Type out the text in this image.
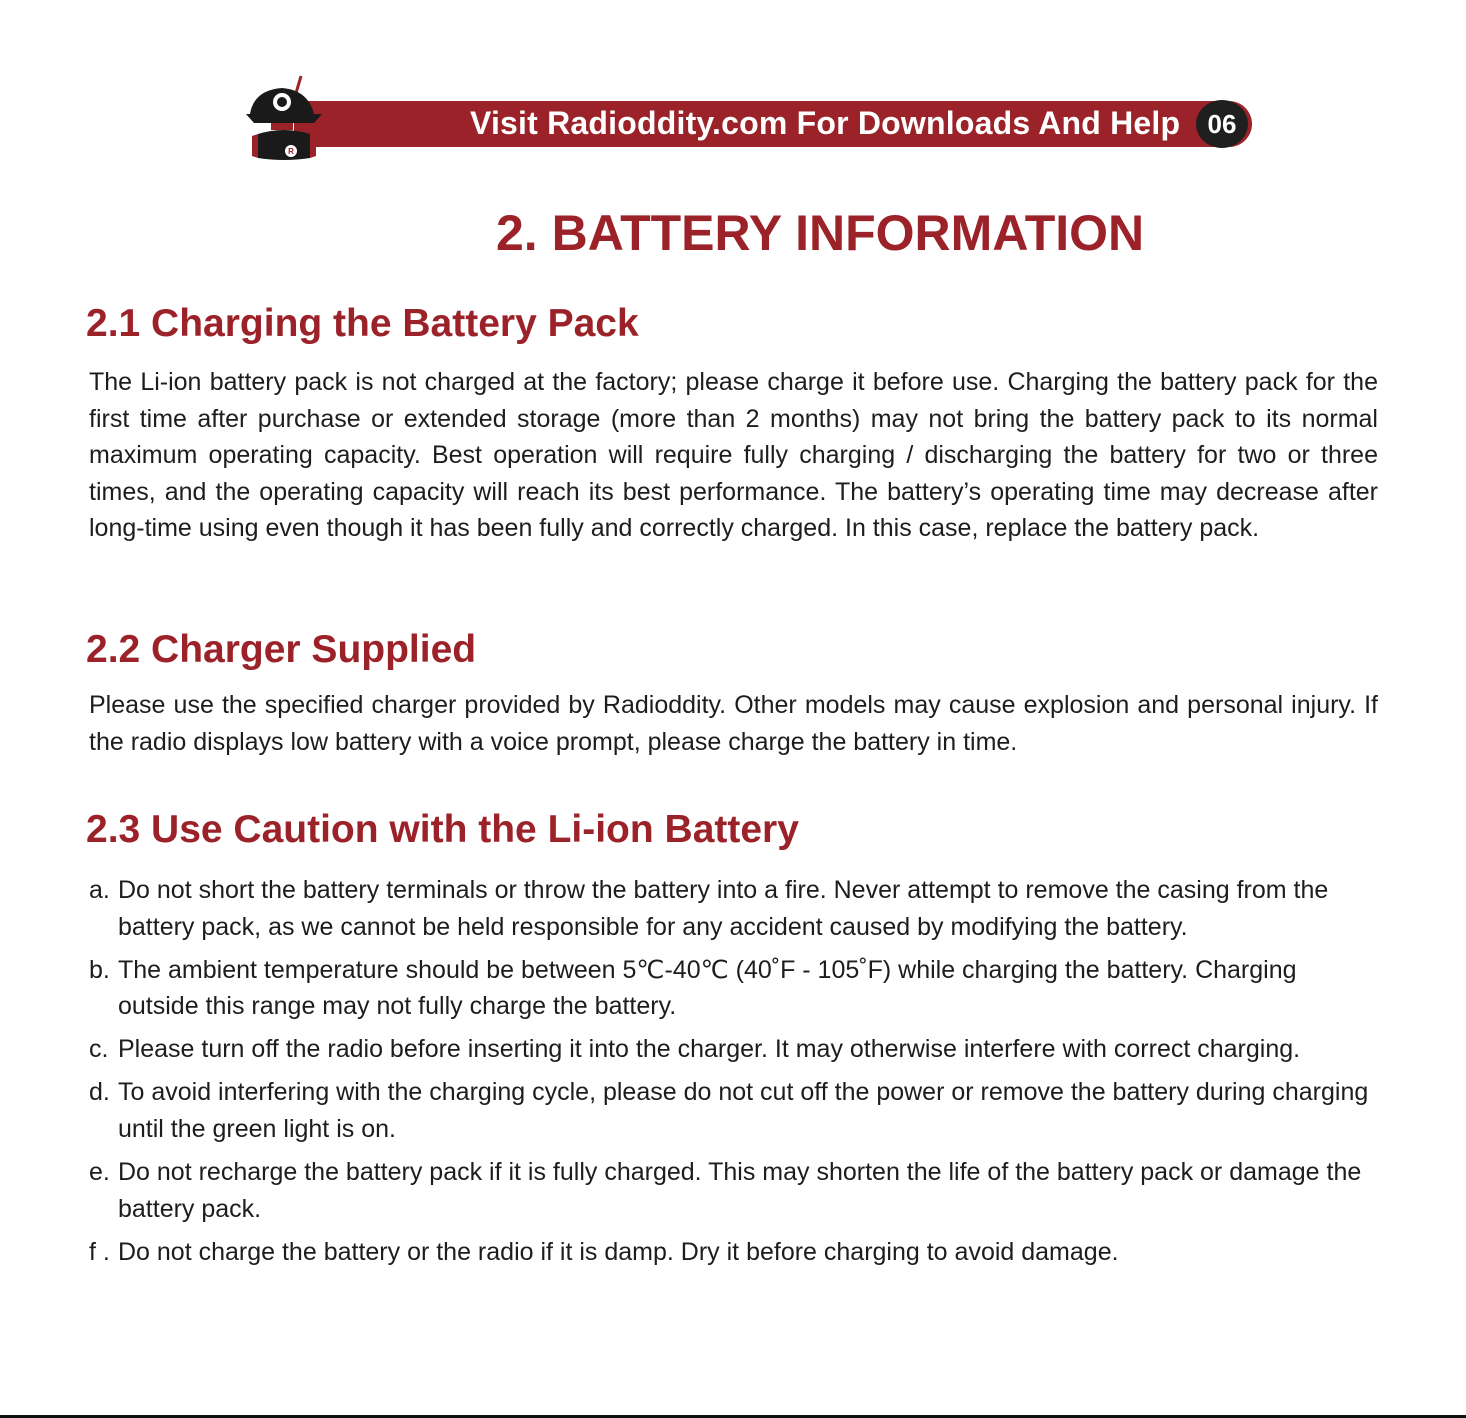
Visit Radioddity.com For Downloads And Help	06
R
2. BATTERY INFORMATION
2.1 Charging the Battery Pack

The Li-ion battery pack is not charged at the factory; please charge it before use. Charging the battery pack for the first time after purchase or extended storage (more than 2 months) may not bring the battery pack to its normal maximum operating capacity. Best operation will require fully charging / discharging the battery for two or three times, and the operating capacity will reach its best performance. The battery’s operating time may decrease after long-time using even though it has been fully and correctly charged. In this case, replace the battery pack.

2.2 Charger Supplied

Please use the specified charger provided by Radioddity. Other models may cause explosion and personal injury. If the radio displays low battery with a voice prompt, please charge the battery in time.

2.3 Use Caution with the Li-ion Battery
a. Do not short the battery terminals or throw the battery into a fire. Never attempt to remove the casing from the battery pack, as we cannot be held responsible for any accident caused by modifying the battery.
b. The ambient temperature should be between 5℃-40℃ (40˚F - 105˚F) while charging the battery. Charging outside this range may not fully charge the battery.
c. Please turn off the radio before inserting it into the charger. It may otherwise interfere with correct charging.
d. To avoid interfering with the charging cycle, please do not cut off the power or remove the battery during charging until the green light is on.
e. Do not recharge the battery pack if it is fully charged. This may shorten the life of the battery pack or damage the battery pack.
f . Do not charge the battery or the radio if it is damp. Dry it before charging to avoid damage.
